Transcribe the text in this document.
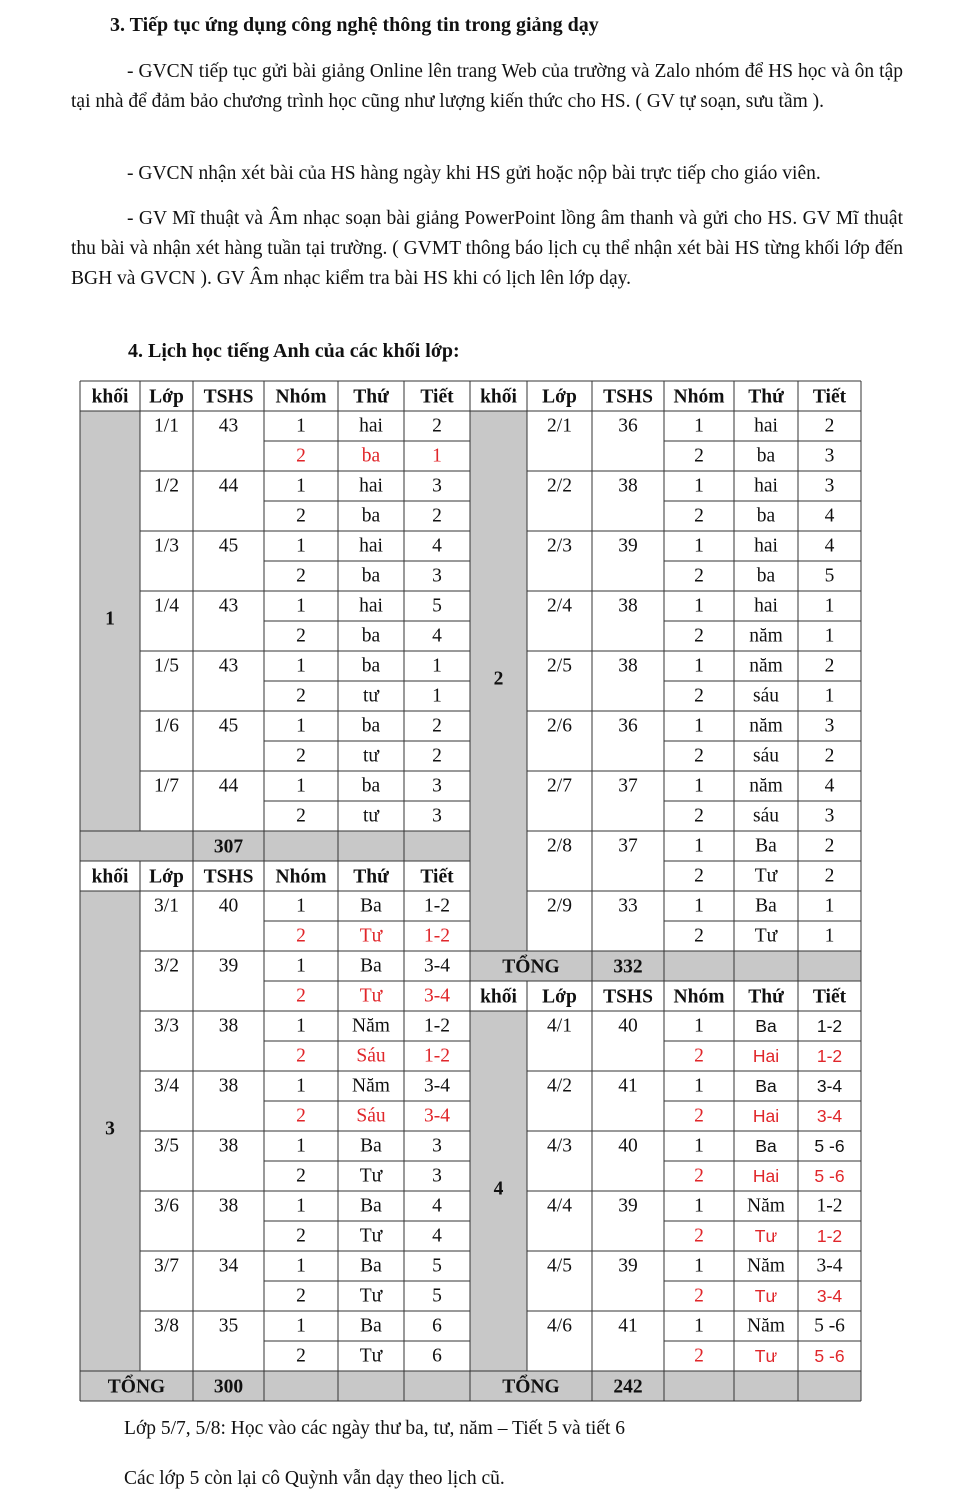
3. Tiếp tục ứng dụng công nghệ thông tin trong giảng dạy
- GVCN tiếp tục gửi bài giảng Online lên trang Web của trường và Zalo nhóm để HS học và ôn tập tại nhà để đảm bảo chương trình học cũng như lượng kiến thức cho HS. ( GV tự soạn, sưu tầm ).
- GVCN nhận xét bài của HS hàng ngày khi HS gửi hoặc nộp bài trực tiếp cho giáo viên.
- GV Mĩ thuật và Âm nhạc soạn bài giảng PowerPoint lồng âm thanh và gửi cho HS. GV Mĩ thuật thu bài và nhận xét hàng tuần tại trường. ( GVMT thông báo lịch cụ thể nhận xét bài HS từng khối lớp đến BGH và GVCN ). GV Âm nhạc kiểm tra bài HS khi có lịch lên lớp dạy.
4. Lịch học tiếng Anh của các khối lớp:
khối Lớp TSHS Nhóm Thứ Tiết
1
1/1 43	1	hai	2
2	ba	1
1/2 44	1	hai	3
2	ba	2
1/3 45	1	hai	4
2	ba	3
1/4 43	1	hai	5
2	ba	4
1/5 43	1	ba	1
2	tư	1
1/6 45	1	ba	2
2	tư	2
1/7 44	1	ba	3
2	tư	3
307
khối Lớp TSHS Nhóm Thứ Tiết
3
3/1 40	1	Ba 1-2
2	Tư 1-2
3/2 39	1	Ba 3-4
2	Tư 3-4
3/3 38	1 Năm 1-2
2	Sáu 1-2
3/4 38	1 Năm 3-4
2	Sáu 3-4
3/5 38	1	Ba	3
2	Tư	3
3/6 38	1	Ba	4
2	Tư	4
3/7 34	1	Ba	5
2	Tư	5
3/8 35	1	Ba	6
2	Tư	6
TỔNG 300
khối Lớp TSHS Nhóm Thứ Tiết
2
2/1 36	1	hai 2
2	ba	3
2/2 38	1	hai 3
2	ba	4
2/3 39	1	hai 4
2	ba	5
2/4 38	1	hai 1
2 năm 1
2/5 38	1 năm 2
2	sáu 1
2/6 36	1 năm 3
2	sáu 2
2/7 37	1 năm 4
2	sáu 3
2/8 37	1	Ba 2
2	Tư 2
2/9 33	1	Ba 1
2	Tư 1
TỔNG	332
khối Lớp TSHS Nhóm Thứ Tiết
4
4/1 40	1	Ba 1-2
2	Hai 1-2
4/2 41	1	Ba 3-4
2	Hai 3-4
4/3 40	1	Ba 5 -6
2	Hai 5 -6
4/4 39	1 Năm 1-2
2	Tư 1-2
4/5 39	1 Năm 3-4
2	Tư 3-4
4/6 41	1 Năm 5 -6
2	Tư 5 -6
TỔNG	242
Lớp 5/7, 5/8: Học vào các ngày thư ba, tư, năm – Tiết 5 và tiết 6
Các lớp 5 còn lại cô Quỳnh vẫn dạy theo lịch cũ.
